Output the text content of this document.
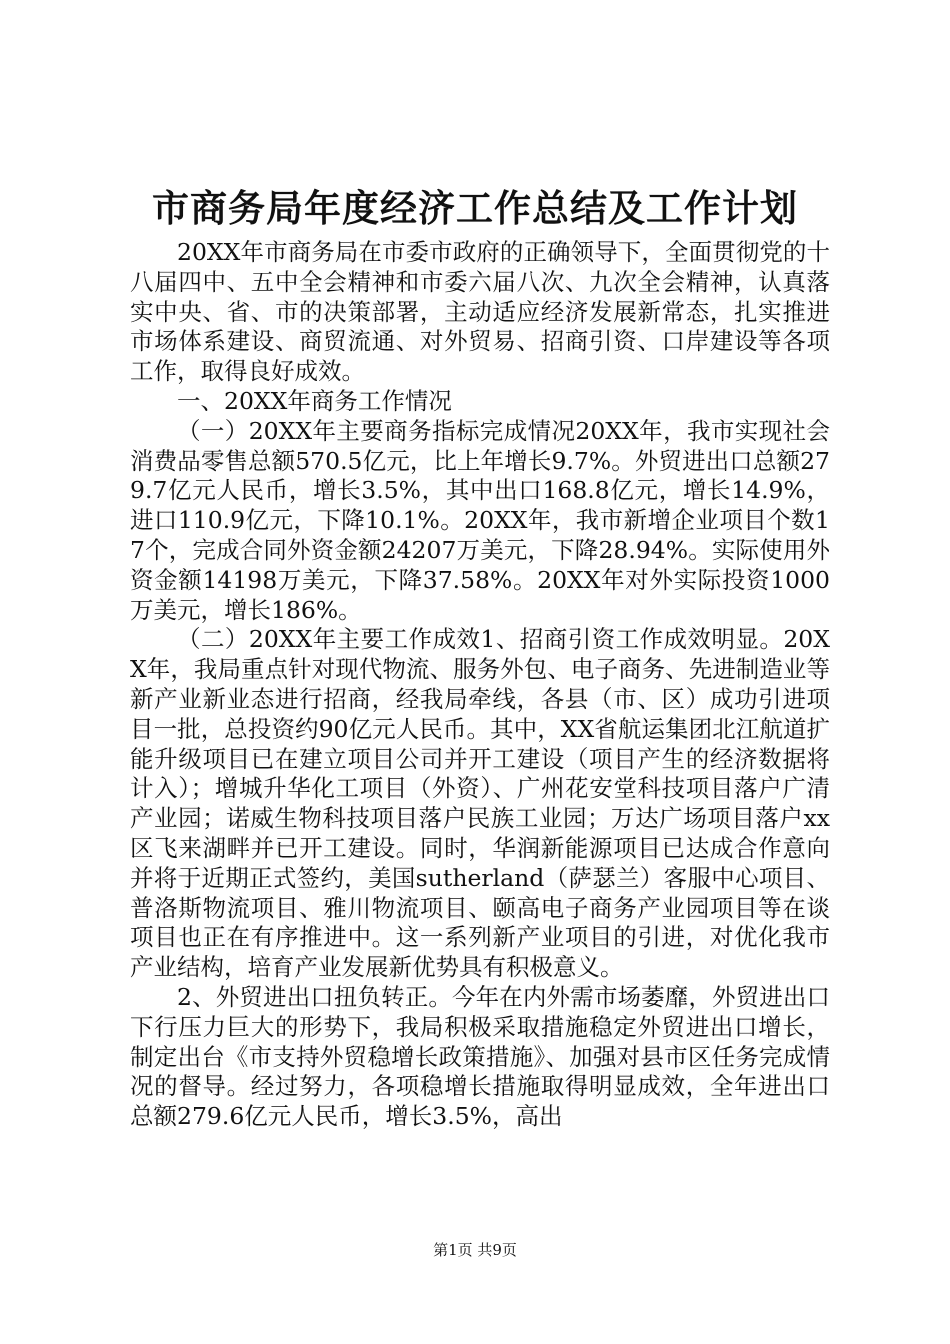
市商务局年度经济工作总结及工作计划

20XX年市商务局在市委市政府的正确领导下，全面贯彻党的十八届四中、五中全会精神和市委六届八次、九次全会精神，认真落实中央、省、市的决策部署，主动适应经济发展新常态，扎实推进市场体系建设、商贸流通、对外贸易、招商引资、口岸建设等各项工作，取得良好成效。

一、20XX年商务工作情况

（一）20XX年主要商务指标完成情况20XX年，我市实现社会消费品零售总额570.5亿元，比上年增长9.7%。外贸进出口总额279.7亿元人民币，增长3.5%，其中出口168.8亿元，增长14.9%，进口110.9亿元，下降10.1%。20XX年，我市新增企业项目个数17个，完成合同外资金额24207万美元，下降28.94%。实际使用外资金额14198万美元，下降37.58%。20XX年对外实际投资1000万美元，增长186%。

（二）20XX年主要工作成效1、招商引资工作成效明显。20XX年，我局重点针对现代物流、服务外包、电子商务、先进制造业等新产业新业态进行招商，经我局牵线，各县（市、区）成功引进项目一批，总投资约90亿元人民币。其中，XX省航运集团北江航道扩能升级项目已在建立项目公司并开工建设（项目产生的经济数据将计入）；增城升华化工项目（外资）、广州花安堂科技项目落户广清产业园；诺威生物科技项目落户民族工业园；万达广场项目落户xx区飞来湖畔并已开工建设。同时，华润新能源项目已达成合作意向并将于近期正式签约，美国sutherland（萨瑟兰）客服中心项目、普洛斯物流项目、雅川物流项目、颐高电子商务产业园项目等在谈项目也正在有序推进中。这一系列新产业项目的引进，对优化我市产业结构，培育产业发展新优势具有积极意义。

2、外贸进出口扭负转正。今年在内外需市场萎靡，外贸进出口下行压力巨大的形势下，我局积极采取措施稳定外贸进出口增长，制定出台《市支持外贸稳增长政策措施》、加强对县市区任务完成情况的督导。经过努力，各项稳增长措施取得明显成效，全年进出口总额279.6亿元人民币，增长3.5%，高出

第1页 共9页
